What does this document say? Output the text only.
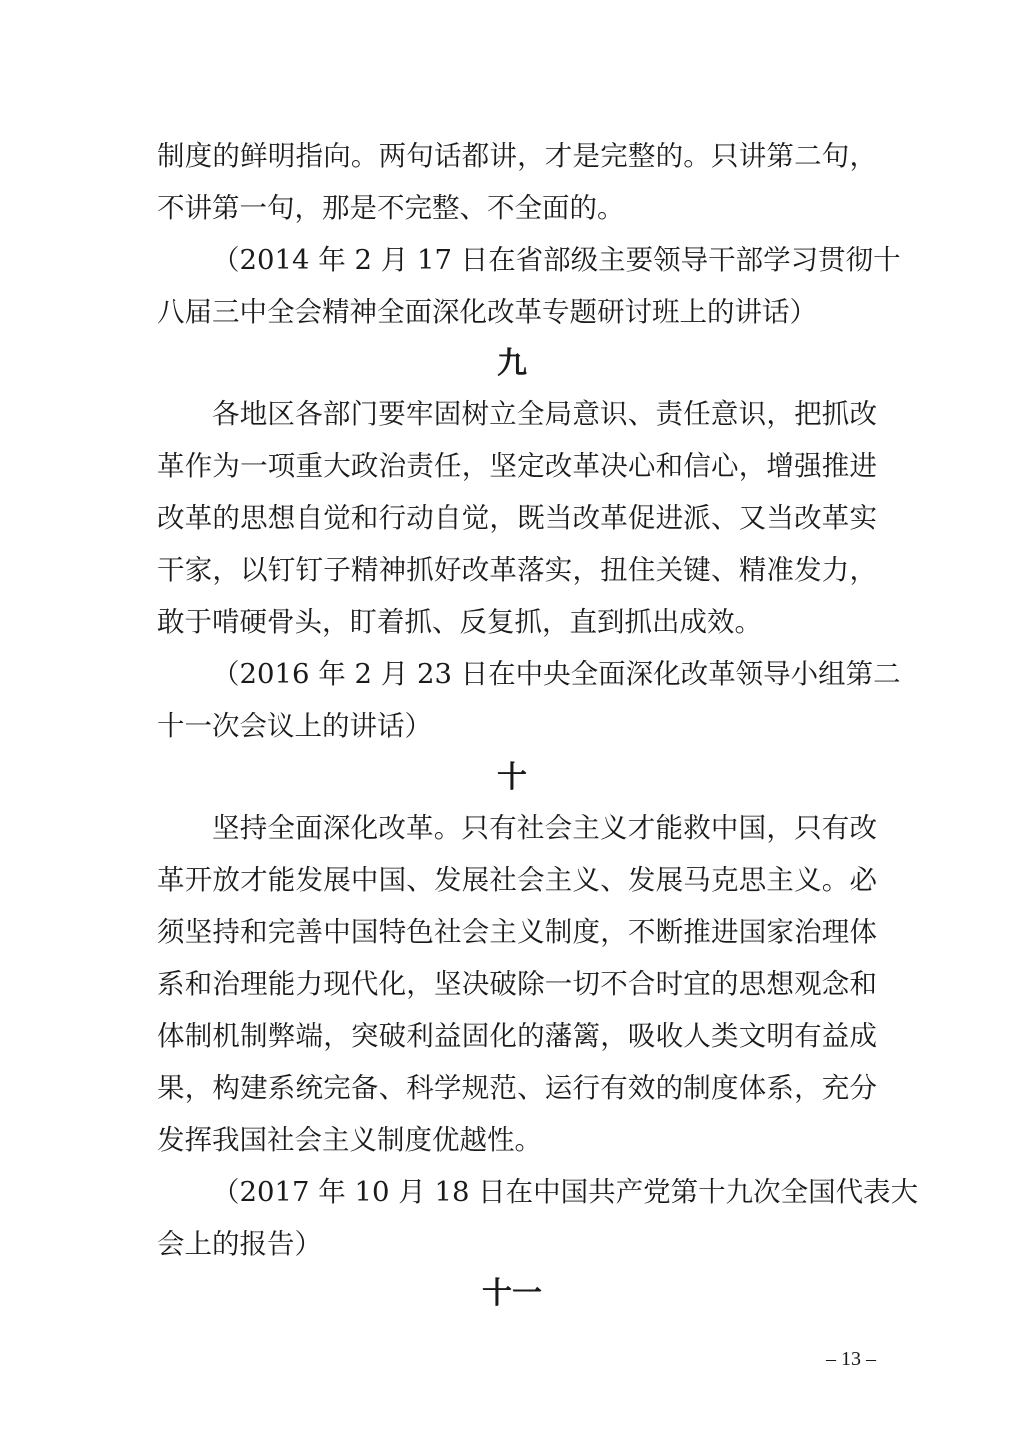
制度的鲜明指向。两句话都讲，才是完整的。只讲第二句，
不讲第一句，那是不完整、不全面的。
（2014 年 2 月 17 日在省部级主要领导干部学习贯彻十
八届三中全会精神全面深化改革专题研讨班上的讲话）
九
各地区各部门要牢固树立全局意识、责任意识，把抓改
革作为一项重大政治责任，坚定改革决心和信心，增强推进
改革的思想自觉和行动自觉，既当改革促进派、又当改革实
干家，以钉钉子精神抓好改革落实，扭住关键、精准发力，
敢于啃硬骨头，盯着抓、反复抓，直到抓出成效。
（2016 年 2 月 23 日在中央全面深化改革领导小组第二
十一次会议上的讲话）
十
坚持全面深化改革。只有社会主义才能救中国，只有改
革开放才能发展中国、发展社会主义、发展马克思主义。必
须坚持和完善中国特色社会主义制度，不断推进国家治理体
系和治理能力现代化，坚决破除一切不合时宜的思想观念和
体制机制弊端，突破利益固化的藩篱，吸收人类文明有益成
果，构建系统完备、科学规范、运行有效的制度体系，充分
发挥我国社会主义制度优越性。
（2017 年 10 月 18 日在中国共产党第十九次全国代表大
会上的报告）
十一
– 13 –
